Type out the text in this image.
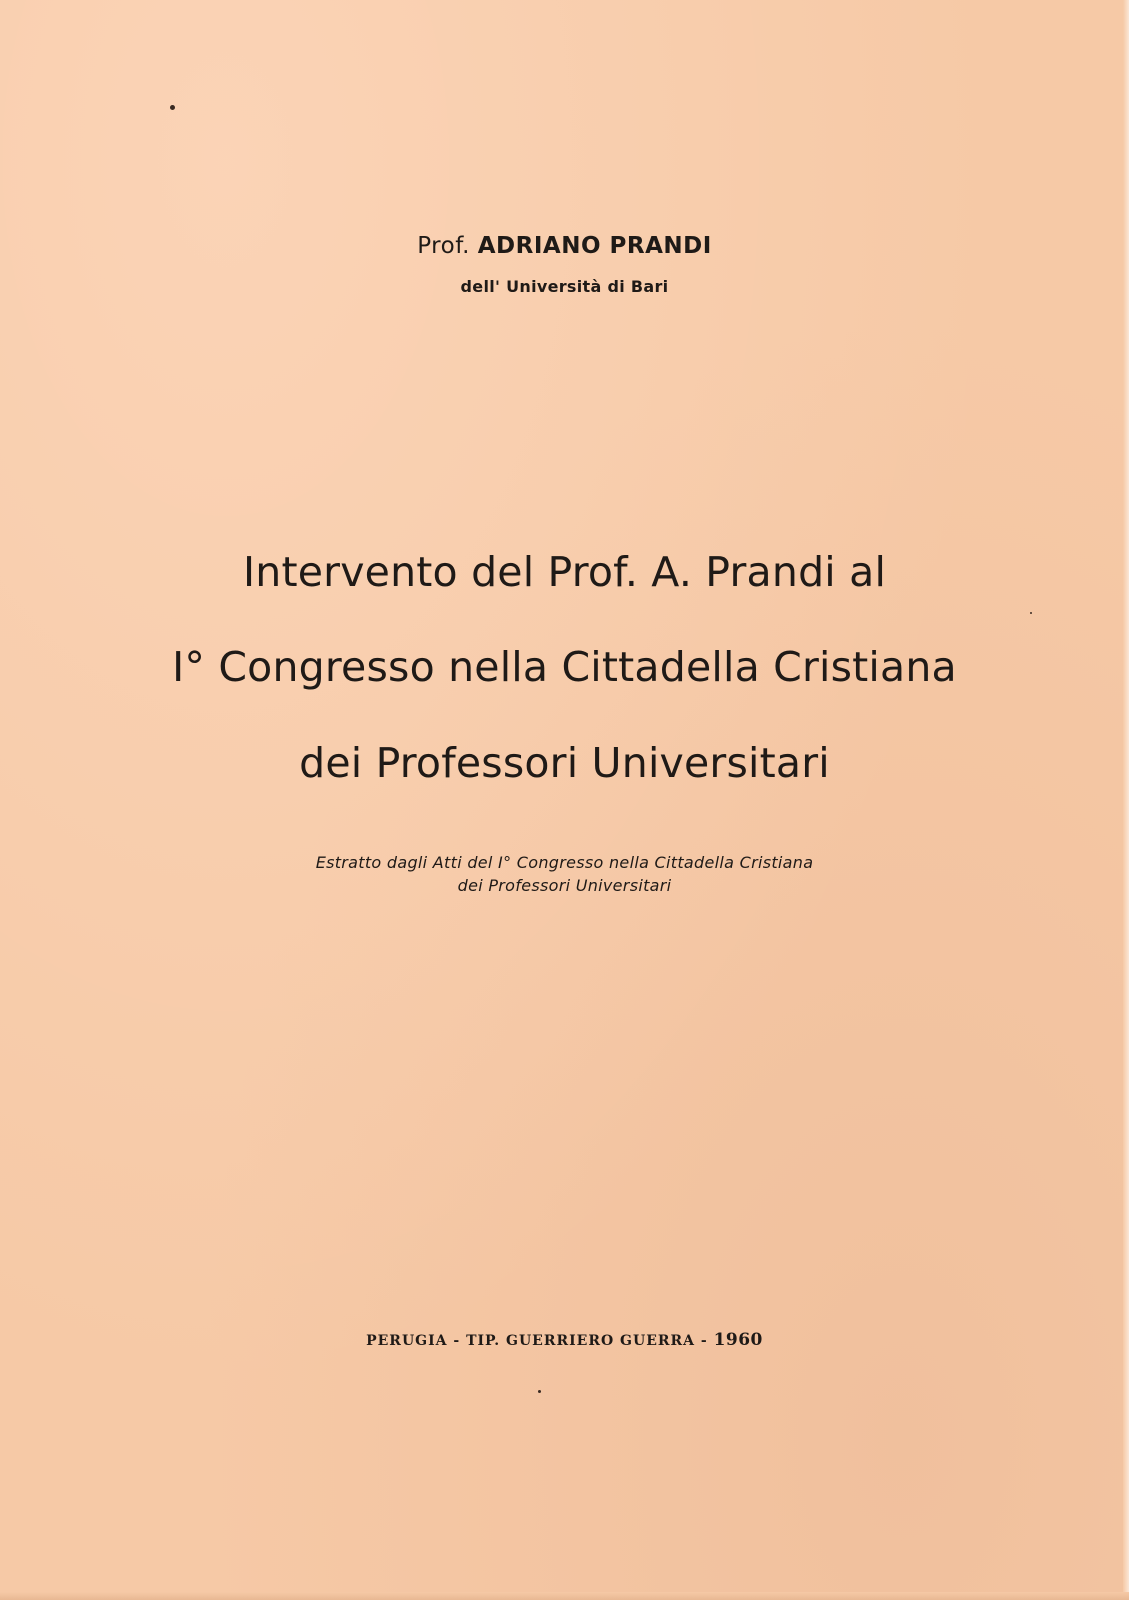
Prof. ADRIANO PRANDI
dell' Università di Bari
Intervento del Prof. A. Prandi al
I° Congresso nella Cittadella Cristiana
dei Professori Universitari
Estratto dagli Atti del I° Congresso nella Cittadella Cristiana
dei Professori Universitari
PERUGIA - TIP. GUERRIERO GUERRA - 1960
